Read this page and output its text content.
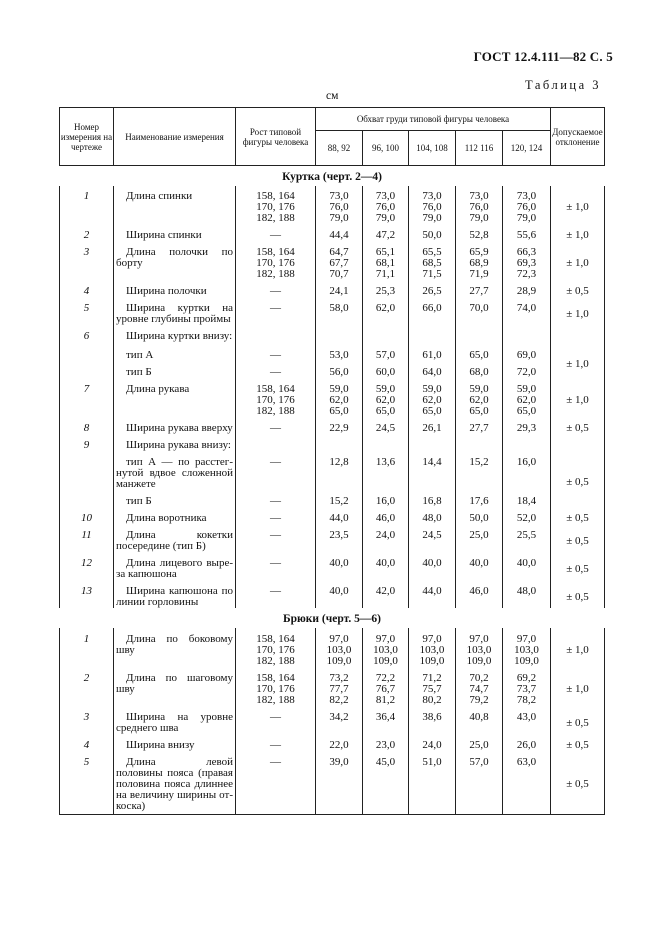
ГОСТ 12.4.111—82 С. 5
Таблица 3
см
Номер измерения на чертеже	Наименование измерения	Рост типовой фигуры человека	Обхват груди типовой фигуры человека					Допускаемое отклонение
			88, 92	96, 100	104, 108	112 116	120, 124	

Куртка (черт. 2—4)								

1	Длина спинки	158, 164
170, 176
182, 188	73,0
76,0
79,0	73,0
76,0
79,0	73,0
76,0
79,0	73,0
76,0
79,0	73,0
76,0
79,0	± 1,0
2	Ширина спинки	—	44,4	47,2	50,0	52,8	55,6	± 1,0
3	Длина полочки по борту	158, 164
170, 176
182, 188	64,7
67,7
70,7	65,1
68,1
71,1	65,5
68,5
71,5	65,9
68,9
71,9	66,3
69,3
72,3	± 1,0
4	Ширина полочки	—	24,1	25,3	26,5	27,7	28,9	± 0,5
5	Ширина куртки на уровне глубины проймы	—	58,0	62,0	66,0	70,0	74,0	± 1,0
6	Ширина куртки внизу:	

	тип А	—	53,0	57,0	61,0	65,0	69,0	± 1,0
	тип Б	—	56,0	60,0	64,0	68,0	72,0	

7	Длина рукава	158, 164
170, 176
182, 188	59,0
62,0
65,0	59,0
62,0
65,0	59,0
62,0
65,0	59,0
62,0
65,0	59,0
62,0
65,0	± 1,0
8	Ширина рукава вверху	—	22,9	24,5	26,1	27,7	29,3	± 0,5
9	Ширина рукава внизу:	

	тип А — по расстегнутой вдвое сложенной манжете	—	12,8	13,6	14,4	15,2	16,0	± 0,5
	тип Б	—	15,2	16,0	16,8	17,6	18,4	

10	Длина воротника	—	44,0	46,0	48,0	50,0	52,0	± 0,5
11	Длина кокетки посередине (тип Б)	—	23,5	24,0	24,5	25,0	25,5	± 0,5
12	Длина лицевого выреза капюшона	—	40,0	40,0	40,0	40,0	40,0	± 0,5
13	Ширина капюшона по линии горловины	—	40,0	42,0	44,0	46,0	48,0	± 0,5

Брюки (черт. 5—6)								

1	Длина по боковому шву	158, 164
170, 176
182, 188	97,0
103,0
109,0	97,0
103,0
109,0	97,0
103,0
109,0	97,0
103,0
109,0	97,0
103,0
109,0	± 1,0
2	Длина по шаговому шву	158, 164
170, 176
182, 188	73,2
77,7
82,2	72,2
76,7
81,2	71,2
75,7
80,2	70,2
74,7
79,2	69,2
73,7
78,2	± 1,0
3	Ширина на уровне среднего шва	—	34,2	36,4	38,6	40,8	43,0	± 0,5
4	Ширина внизу	—	22,0	23,0	24,0	25,0	26,0	± 0,5
5	Длина левой половины пояса (правая половина пояса длиннее на величину ширины откоска)	—	39,0	45,0	51,0	57,0	63,0	± 0,5
